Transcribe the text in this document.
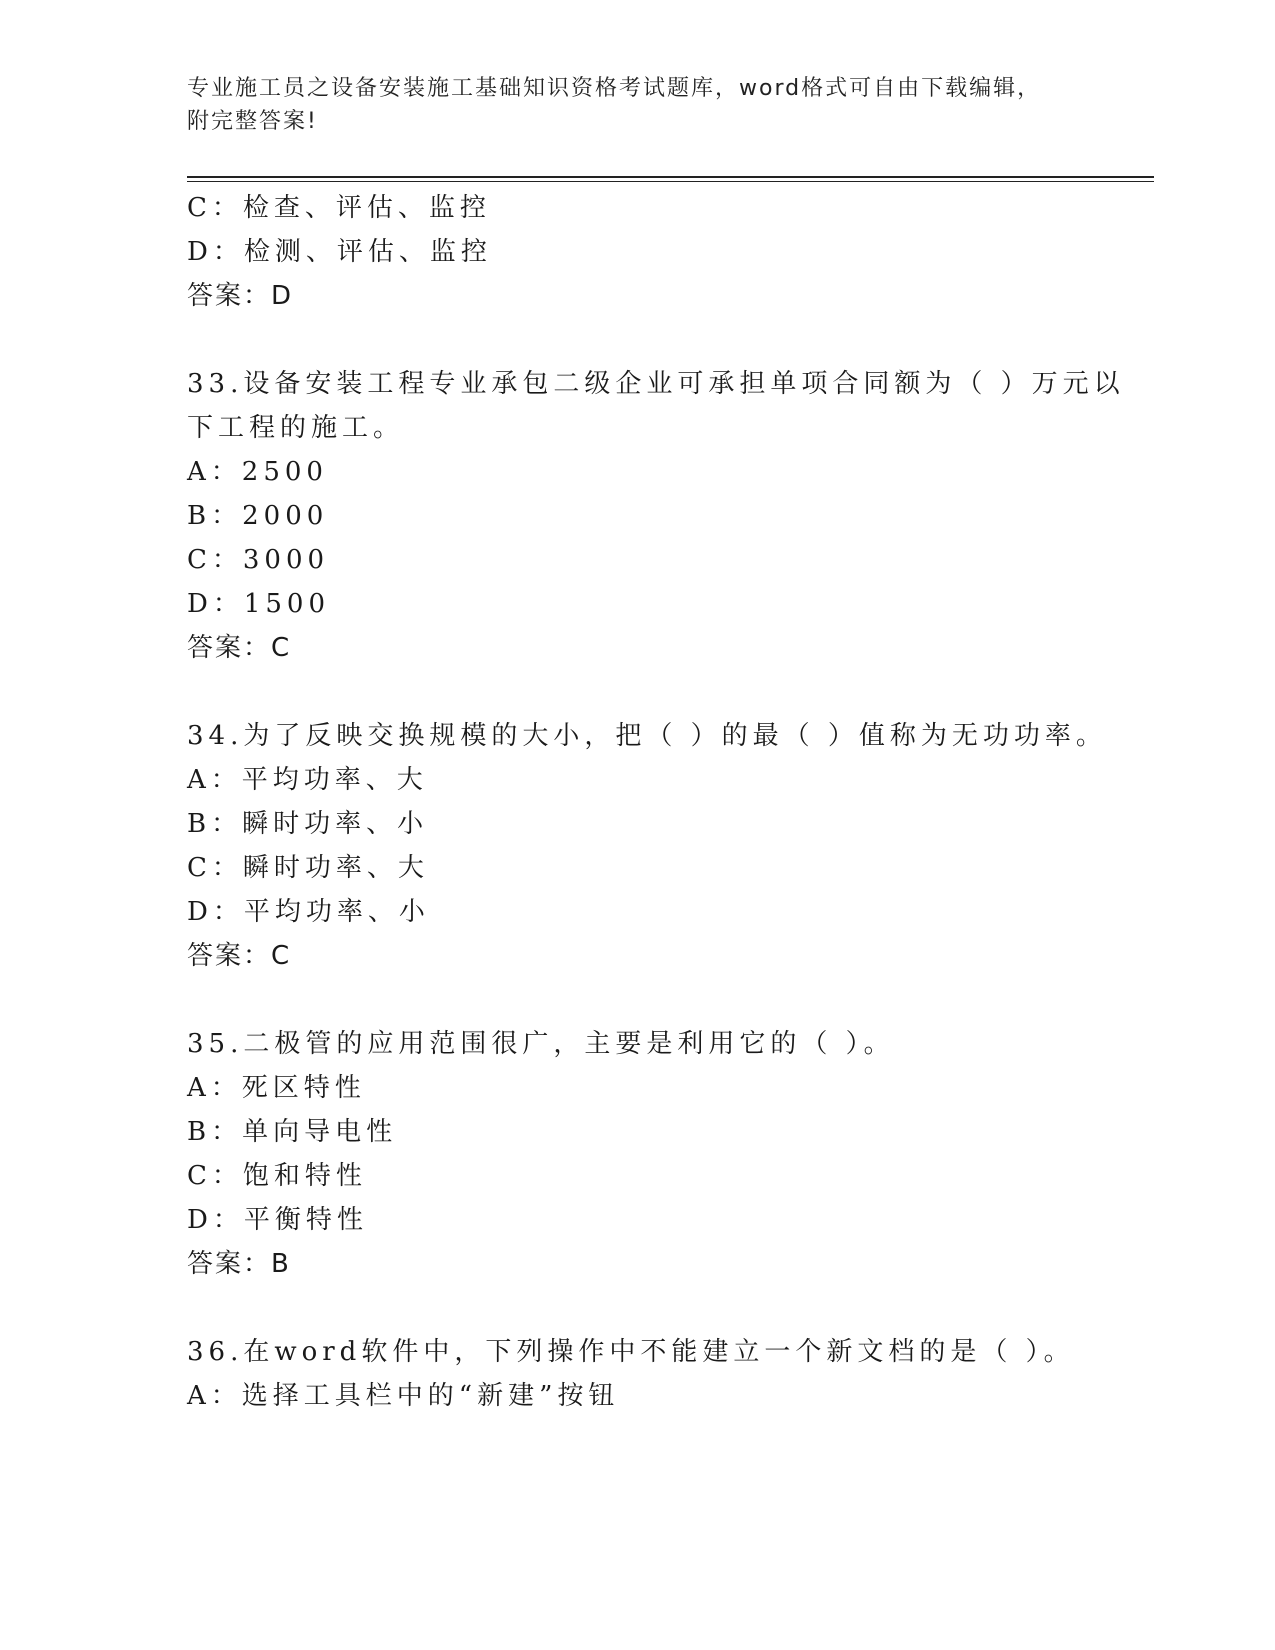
专业施工员之设备安装施工基础知识资格考试题库，word格式可自由下载编辑，
附完整答案!
C：检查、评估、监控
D：检测、评估、监控
答案：D
33.设备安装工程专业承包二级企业可承担单项合同额为（ ）万元以
下工程的施工。
A：2500
B：2000
C：3000
D：1500
答案：C
34.为了反映交换规模的大小，把（ ）的最（ ）值称为无功功率。
A：平均功率、大
B：瞬时功率、小
C：瞬时功率、大
D：平均功率、小
答案：C
35.二极管的应用范围很广，主要是利用它的（ ）。
A：死区特性
B：单向导电性
C：饱和特性
D：平衡特性
答案：B
36.在word软件中，下列操作中不能建立一个新文档的是（ ）。
A：选择工具栏中的“新建”按钮
